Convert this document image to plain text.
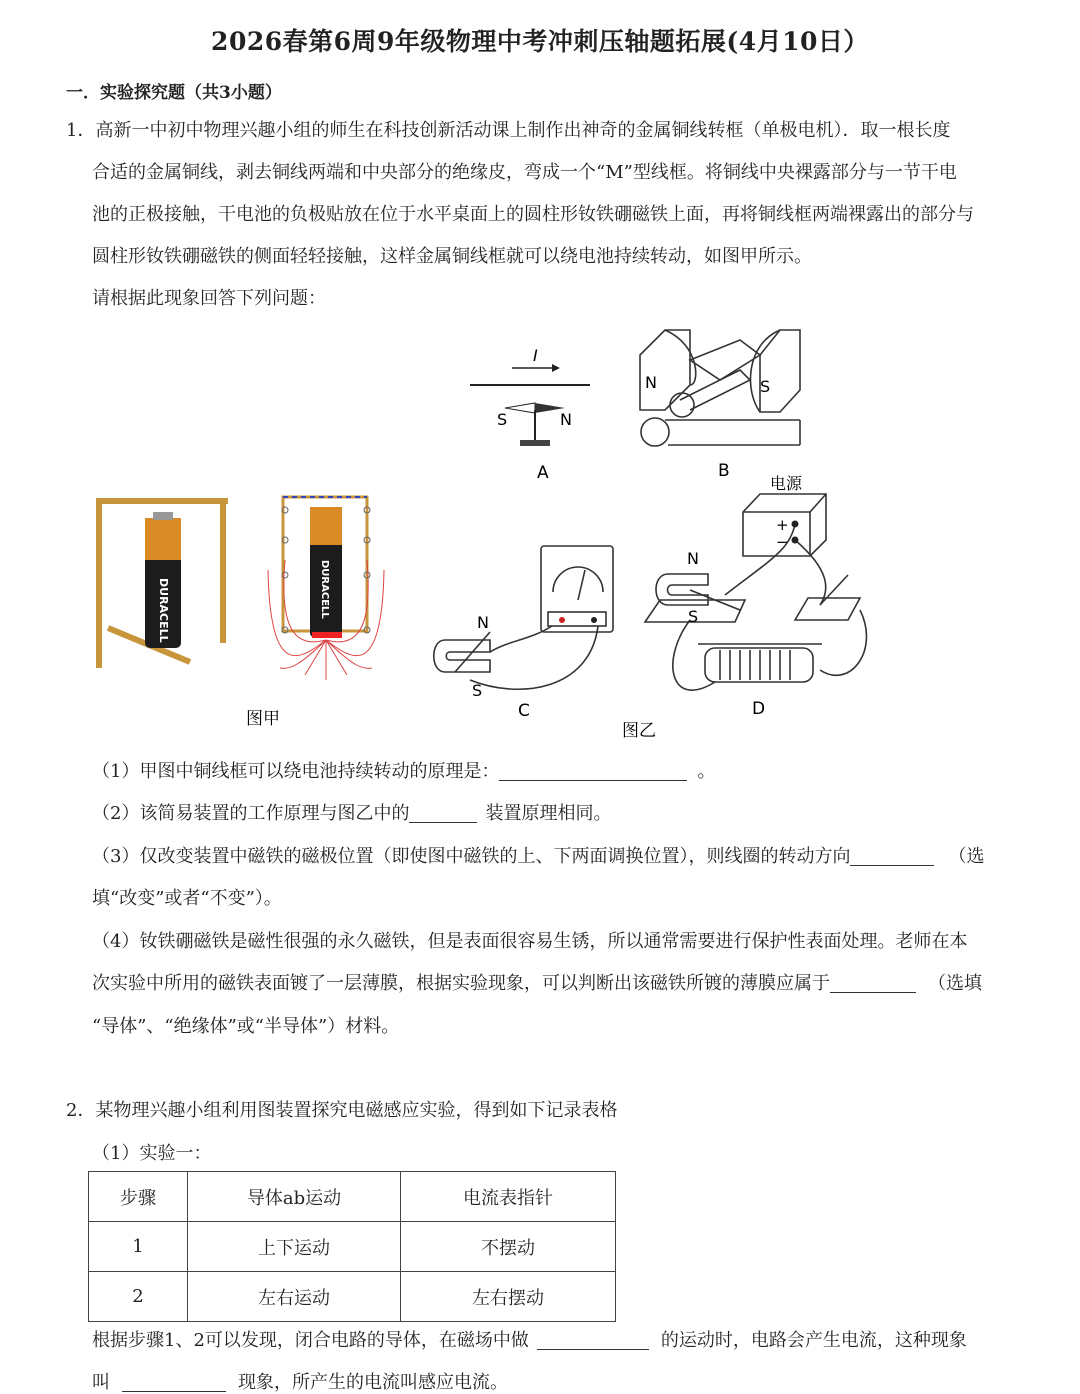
2026春第6周9年级物理中考冲刺压轴题拓展(4月10日）
一．实验探究题（共3小题）
1．高新一中初中物理兴趣小组的师生在科技创新活动课上制作出神奇的金属铜线转框（单极电机）．取一根长度
合适的金属铜线，剥去铜线两端和中央部分的绝缘皮，弯成一个“M”型线框。将铜线中央裸露部分与一节干电
池的正极接触，干电池的负极贴放在位于水平桌面上的圆柱形钕铁硼磁铁上面，再将铜线框两端裸露出的部分与
圆柱形钕铁硼磁铁的侧面轻轻接触，这样金属铜线框就可以绕电池持续转动，如图甲所示。
请根据此现象回答下列问题：
I
S	N
A
N	S
B
DURACELL	DURACELL
图甲
N
S
C
+
−
电源
N
S
D
图乙
（1）甲图中铜线框可以绕电池持续转动的原理是：	。
（2）该简易装置的工作原理与图乙中的	装置原理相同。
（3）仅改变装置中磁铁的磁极位置（即使图中磁铁的上、下两面调换位置），则线圈的转动方向	（选
填“改变”或者“不变”）。
（4）钕铁硼磁铁是磁性很强的永久磁铁，但是表面很容易生锈，所以通常需要进行保护性表面处理。老师在本
次实验中所用的磁铁表面镀了一层薄膜，根据实验现象，可以判断出该磁铁所镀的薄膜应属于	（选填
“导体”、“绝缘体”或“半导体”）材料。
2．某物理兴趣小组利用图装置探究电磁感应实验，得到如下记录表格
（1）实验一：
步骤	导体ab运动	电流表指针
1	上下运动	不摆动
2	左右运动	左右摆动
根据步骤1、2可以发现，闭合电路的导体，在磁场中做	的运动时，电路会产生电流，这种现象
叫	现象，所产生的电流叫感应电流。
